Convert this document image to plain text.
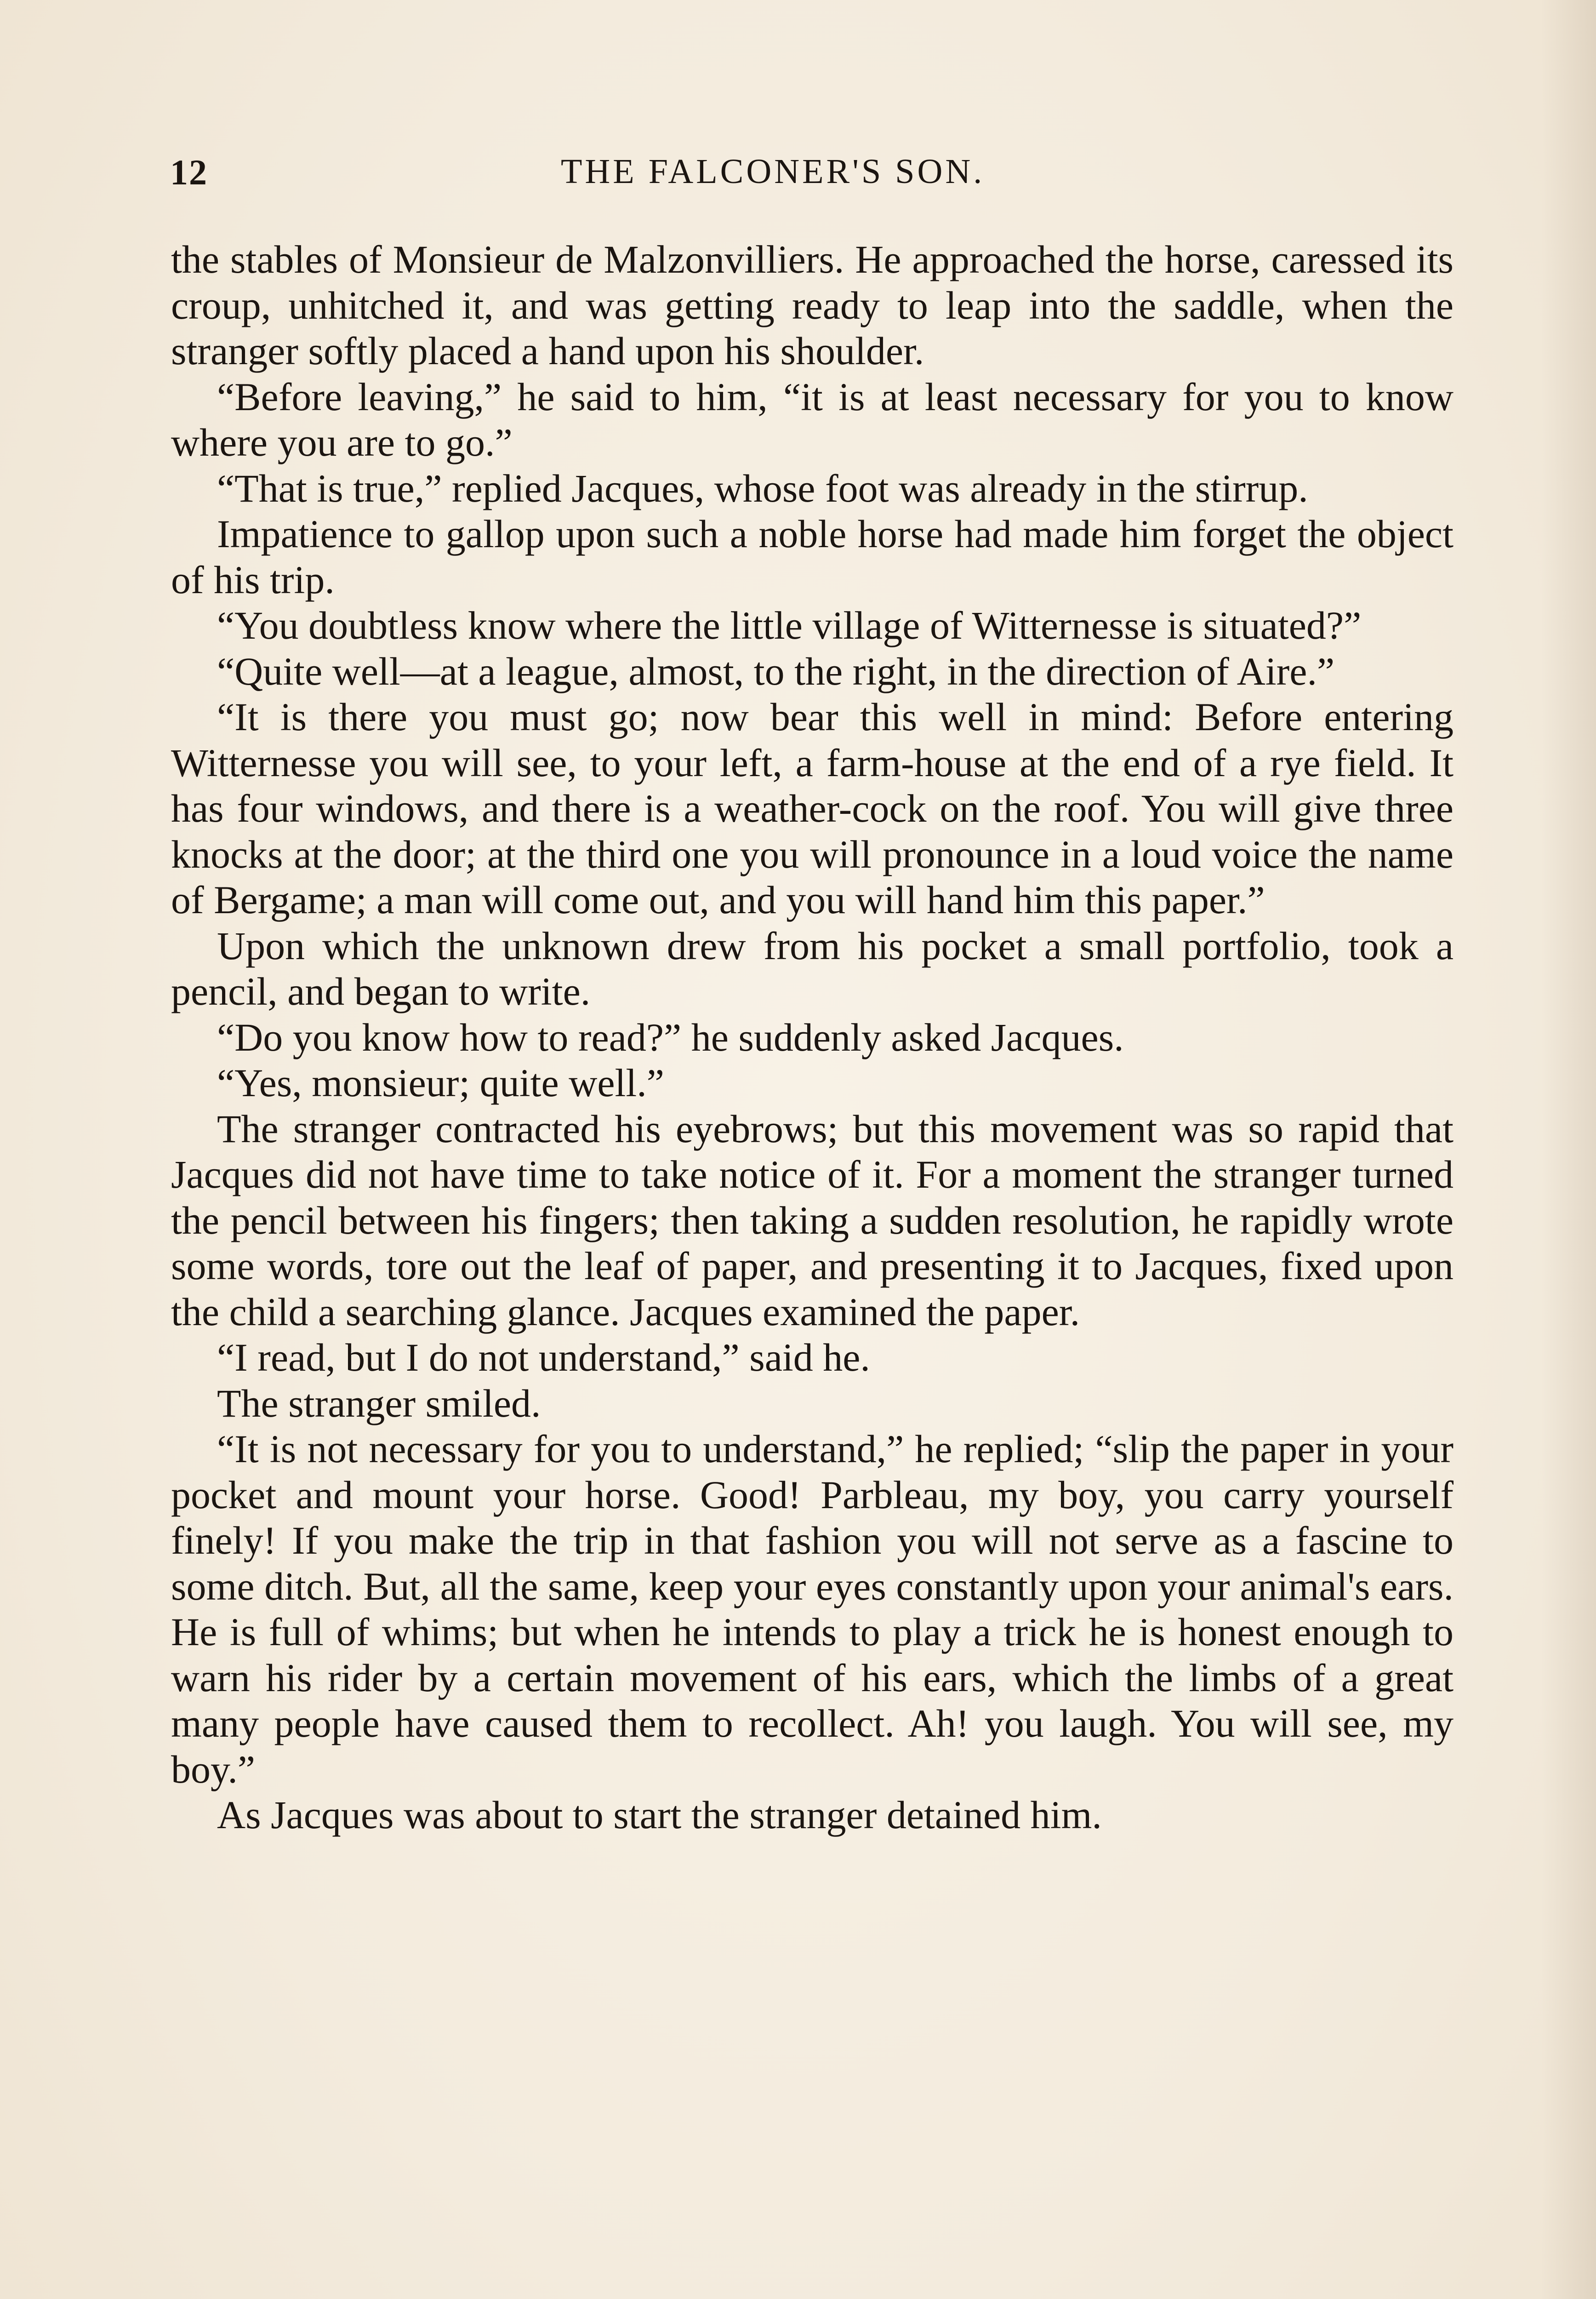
12	THE FALCONER'S SON.

the stables of Monsieur de Malzonvilliers. He approached the horse, caressed its croup, unhitched it, and was getting ready to leap into the saddle, when the stranger softly placed a hand upon his shoulder.

“Before leaving,” he said to him, “it is at least necessary for you to know where you are to go.”

“That is true,” replied Jacques, whose foot was already in the stirrup.

Impatience to gallop upon such a noble horse had made him forget the object of his trip.

“You doubtless know where the little village of Witternesse is situated?”

“Quite well—at a league, almost, to the right, in the direction of Aire.”

“It is there you must go; now bear this well in mind: Before entering Witternesse you will see, to your left, a farm-house at the end of a rye field. It has four windows, and there is a weather-cock on the roof. You will give three knocks at the door; at the third one you will pronounce in a loud voice the name of Bergame; a man will come out, and you will hand him this paper.”

Upon which the unknown drew from his pocket a small portfolio, took a pencil, and began to write.

“Do you know how to read?” he suddenly asked Jacques.

“Yes, monsieur; quite well.”

The stranger contracted his eyebrows; but this movement was so rapid that Jacques did not have time to take notice of it. For a moment the stranger turned the pencil between his fingers; then taking a sudden resolution, he rapidly wrote some words, tore out the leaf of paper, and presenting it to Jacques, fixed upon the child a searching glance. Jacques examined the paper.

“I read, but I do not understand,” said he.

The stranger smiled.

“It is not necessary for you to understand,” he replied; “slip the paper in your pocket and mount your horse. Good! Parbleau, my boy, you carry yourself finely! If you make the trip in that fashion you will not serve as a fascine to some ditch. But, all the same, keep your eyes constantly upon your animal's ears. He is full of whims; but when he intends to play a trick he is honest enough to warn his rider by a certain movement of his ears, which the limbs of a great many people have caused them to recollect. Ah! you laugh. You will see, my boy.”

As Jacques was about to start the stranger detained him.
